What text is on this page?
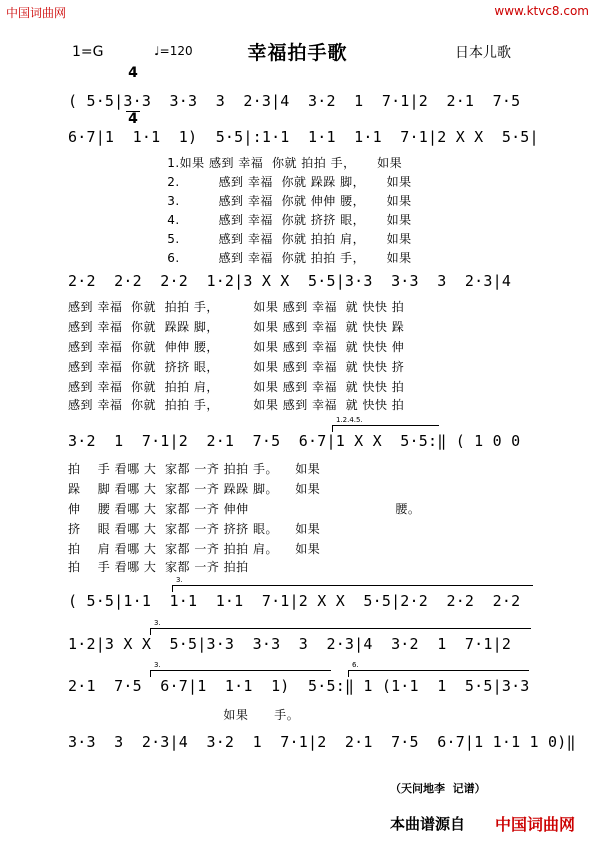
中国词曲网	www.ktvc8.com
幸福拍手歌
1=G

4

4

♩=120	日本儿歌
( 5·5|3·3  3·3  3  2·3|4  3·2  1  7·1|2  2·1  7·5
6·7|1  1·1  1)  5·5|:1·1  1·1  1·1  7·1|2 X X  5·5|
1.如果 感到 幸福  你就 拍拍 手，     如果
2.         感到 幸福  你就 跺跺 脚，     如果
3.         感到 幸福  你就 伸伸 腰，     如果
4.         感到 幸福  你就 挤挤 眼，     如果
5.         感到 幸福  你就 拍拍 肩，     如果
6.         感到 幸福  你就 拍拍 手，     如果
2·2  2·2  2·2  1·2|3 X X  5·5|3·3  3·3  3  2·3|4
感到 幸福  你就  拍拍 手，        如果 感到 幸福  就 快快 拍
感到 幸福  你就  跺跺 脚，        如果 感到 幸福  就 快快 跺
感到 幸福  你就  伸伸 腰，        如果 感到 幸福  就 快快 伸
感到 幸福  你就  挤挤 眼，        如果 感到 幸福  就 快快 挤
感到 幸福  你就  拍拍 肩，        如果 感到 幸福  就 快快 拍
感到 幸福  你就  拍拍 手，        如果 感到 幸福  就 快快 拍
1.2.4.5.
3·2  1  7·1|2  2·1  7·5  6·7|1 X X  5·5:‖ ( 1 0 0
拍    手 看哪 大  家都 一齐 拍拍 手。    如果
跺    脚 看哪 大  家都 一齐 跺跺 脚。    如果
伸    腰 看哪 大  家都 一齐 伸伸                                  腰。
挤    眼 看哪 大  家都 一齐 挤挤 眼。    如果
拍    肩 看哪 大  家都 一齐 拍拍 肩。    如果
拍    手 看哪 大  家都 一齐 拍拍
3.
( 5·5|1·1  1·1  1·1  7·1|2 X X  5·5|2·2  2·2  2·2
3.
1·2|3 X X  5·5|3·3  3·3  3  2·3|4  3·2  1  7·1|2
3.	6.
2·1  7·5  6·7|1  1·1  1)  5·5:‖ 1 (1·1  1  5·5|3·3
如果      手。
3·3  3  2·3|4  3·2  1  7·1|2  2·1  7·5  6·7|1 1·1 1 0)‖
（天问地李  记谱）
本曲谱源自 中国词曲网
